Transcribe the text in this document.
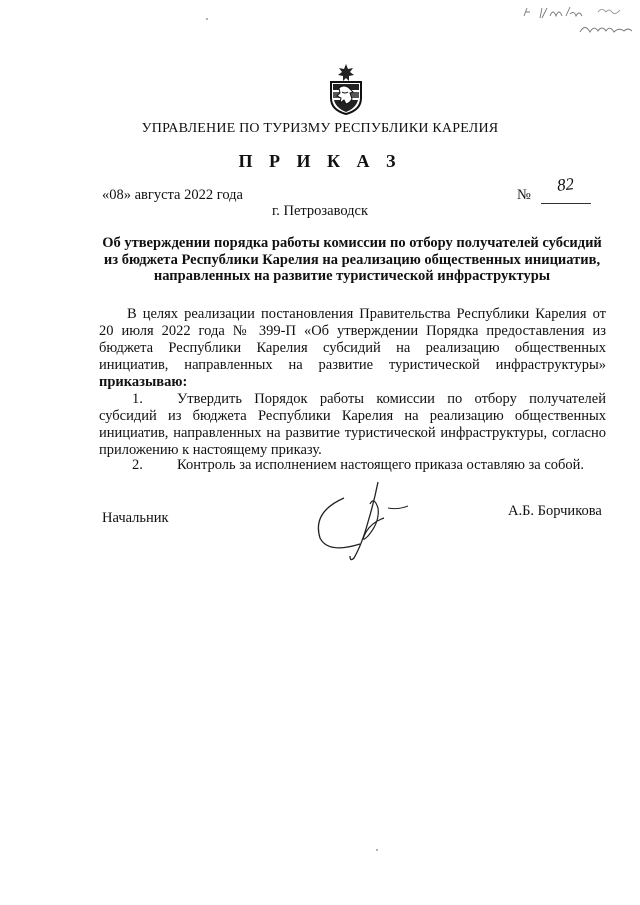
УПРАВЛЕНИЕ ПО ТУРИЗМУ РЕСПУБЛИКИ КАРЕЛИЯ
П Р И К А З
«08» августа 2022 года	№
82
г. Петрозаводск
Об утверждении порядка работы комиссии по отбору получателей субсидий из бюджета Республики Карелия на реализацию общественных инициатив, направленных на развитие туристической инфраструктуры
В целях реализации постановления Правительства Республики Карелия от 20 июля 2022 года № 399-П «Об утверждении Порядка предоставления из бюджета Республики Карелия субсидий на реализацию общественных инициатив, направленных на развитие туристической инфраструктуры» приказываю:
1. Утвердить Порядок работы комиссии по отбору получателей субсидий из бюджета Республики Карелия на реализацию общественных инициатив, направленных на развитие туристической инфраструктуры, согласно приложению к настоящему приказу.
2. Контроль за исполнением настоящего приказа оставляю за собой.
Начальник	А.Б. Борчикова
